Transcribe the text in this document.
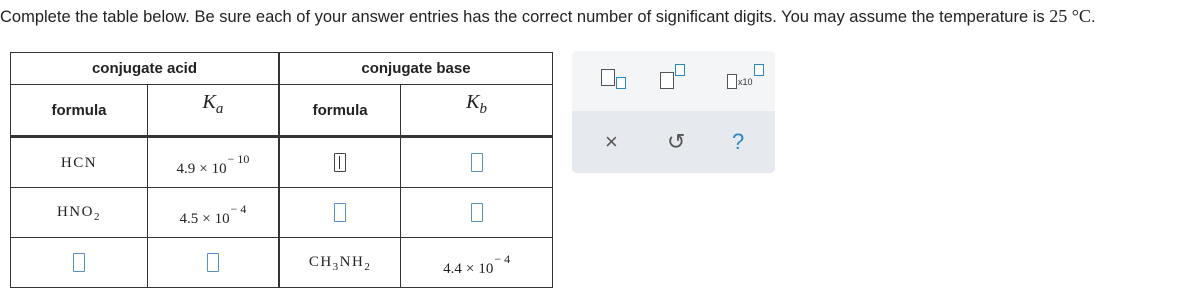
Complete the table below. Be sure each of your answer entries has the correct number of significant digits. You may assume the temperature is 25 °C.
conjugate acid		conjugate base	
formula	$K_a$	formula	$K_b$
HCN	$4.9 \times 10^{- 10}$		
$HNO_2$	$4.5 \times 10^{- 4}$		
		$CH_3NH_2$	$4.4 \times 10^{- 4}$
x10
× ↺ ?
